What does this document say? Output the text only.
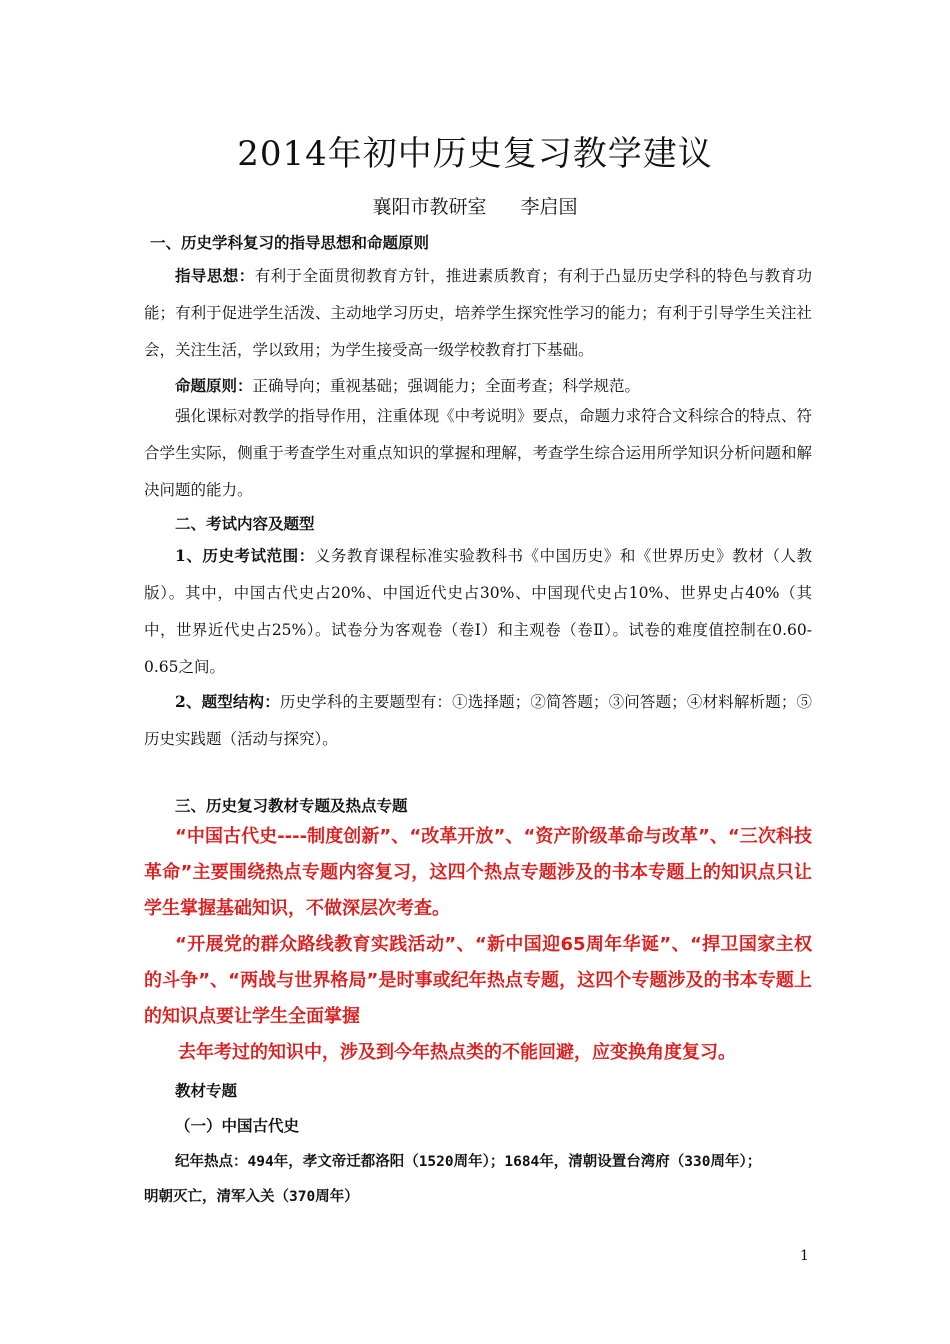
2014年初中历史复习教学建议
襄阳市教研室 李启国
一、历史学科复习的指导思想和命题原则
指导思想：有利于全面贯彻教育方针，推进素质教育；有利于凸显历史学科的特色与教育功能；有利于促进学生活泼、主动地学习历史，培养学生探究性学习的能力；有利于引导学生关注社会，关注生活，学以致用；为学生接受高一级学校教育打下基础。
命题原则：正确导向；重视基础；强调能力；全面考查；科学规范。
强化课标对教学的指导作用，注重体现《中考说明》要点，命题力求符合文科综合的特点、符合学生实际，侧重于考查学生对重点知识的掌握和理解，考查学生综合运用所学知识分析问题和解决问题的能力。
二、考试内容及题型
1、历史考试范围：义务教育课程标准实验教科书《中国历史》和《世界历史》教材（人教版）。其中，中国古代史占20%、中国近代史占30%、中国现代史占10%、世界史占40%（其中，世界近代史占25%）。试卷分为客观卷（卷Ⅰ）和主观卷（卷Ⅱ）。试卷的难度值控制在0.60-0.65之间。
2、题型结构：历史学科的主要题型有：①选择题；②简答题；③问答题；④材料解析题；⑤历史实践题（活动与探究）。
三、历史复习教材专题及热点专题
“中国古代史----制度创新”、“改革开放”、“资产阶级革命与改革”、“三次科技革命”主要围绕热点专题内容复习，这四个热点专题涉及的书本专题上的知识点只让学生掌握基础知识，不做深层次考查。
“开展党的群众路线教育实践活动”、“新中国迎65周年华诞”、“捍卫国家主权的斗争”、“两战与世界格局”是时事或纪年热点专题，这四个专题涉及的书本专题上的知识点要让学生全面掌握
去年考过的知识中，涉及到今年热点类的不能回避，应变换角度复习。
教材专题
（一）中国古代史
纪年热点：494年，孝文帝迁都洛阳（1520周年）；1684年，清朝设置台湾府（330周年）；
明朝灭亡，清军入关（370周年）
1
